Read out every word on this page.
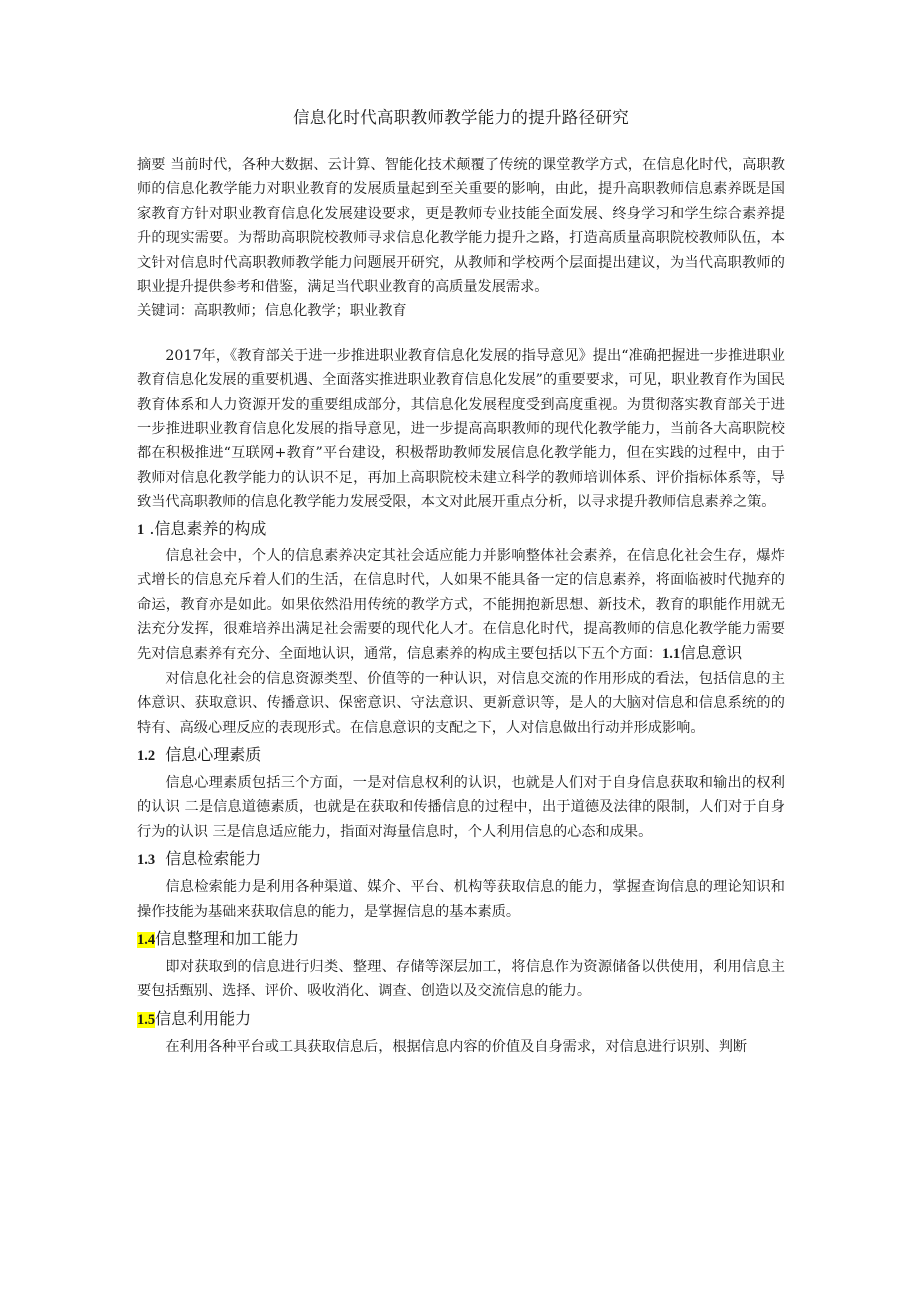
信息化时代高职教师教学能力的提升路径研究

摘要 当前时代，各种大数据、云计算、智能化技术颠覆了传统的课堂教学方式，在信息化时代，高职教师的信息化教学能力对职业教育的发展质量起到至关重要的影响，由此，提升高职教师信息素养既是国家教育方针对职业教育信息化发展建设要求，更是教师专业技能全面发展、终身学习和学生综合素养提升的现实需要。为帮助高职院校教师寻求信息化教学能力提升之路，打造高质量高职院校教师队伍，本文针对信息时代高职教师教学能力问题展开研究，从教师和学校两个层面提出建议，为当代高职教师的职业提升提供参考和借鉴，满足当代职业教育的高质量发展需求。

关键词：高职教师；信息化教学；职业教育

2017年，《教育部关于进一步推进职业教育信息化发展的指导意见》提出“准确把握进一步推进职业教育信息化发展的重要机遇、全面落实推进职业教育信息化发展”的重要要求，可见，职业教育作为国民教育体系和人力资源开发的重要组成部分，其信息化发展程度受到高度重视。为贯彻落实教育部关于进一步推进职业教育信息化发展的指导意见，进一步提高高职教师的现代化教学能力，当前各大高职院校都在积极推进“互联网+教育”平台建设，积极帮助教师发展信息化教学能力，但在实践的过程中，由于教师对信息化教学能力的认识不足，再加上高职院校未建立科学的教师培训体系、评价指标体系等，导致当代高职教师的信息化教学能力发展受限，本文对此展开重点分析，以寻求提升教师信息素养之策。

1 .信息素养的构成

信息社会中，个人的信息素养决定其社会适应能力并影响整体社会素养，在信息化社会生存，爆炸式增长的信息充斥着人们的生活，在信息时代，人如果不能具备一定的信息素养，将面临被时代抛弃的命运，教育亦是如此。如果依然沿用传统的教学方式，不能拥抱新思想、新技术，教育的职能作用就无法充分发挥，很难培养出满足社会需要的现代化人才。在信息化时代，提高教师的信息化教学能力需要先对信息素养有充分、全面地认识，通常，信息素养的构成主要包括以下五个方面：1.1信息意识

对信息化社会的信息资源类型、价值等的一种认识，对信息交流的作用形成的看法，包括信息的主体意识、获取意识、传播意识、保密意识、守法意识、更新意识等，是人的大脑对信息和信息系统的的特有、高级心理反应的表现形式。在信息意识的支配之下，人对信息做出行动并形成影响。

1.2 信息心理素质

信息心理素质包括三个方面，一是对信息权利的认识，也就是人们对于自身信息获取和输出的权利的认识 二是信息道德素质，也就是在获取和传播信息的过程中，出于道德及法律的限制，人们对于自身行为的认识 三是信息适应能力，指面对海量信息时，个人利用信息的心态和成果。

1.3 信息检索能力

信息检索能力是利用各种渠道、媒介、平台、机构等获取信息的能力，掌握查询信息的理论知识和操作技能为基础来获取信息的能力，是掌握信息的基本素质。

1.4信息整理和加工能力

即对获取到的信息进行归类、整理、存储等深层加工，将信息作为资源储备以供使用，利用信息主要包括甄别、选择、评价、吸收消化、调查、创造以及交流信息的能力。

1.5信息利用能力

在利用各种平台或工具获取信息后，根据信息内容的价值及自身需求，对信息进行识别、判断
